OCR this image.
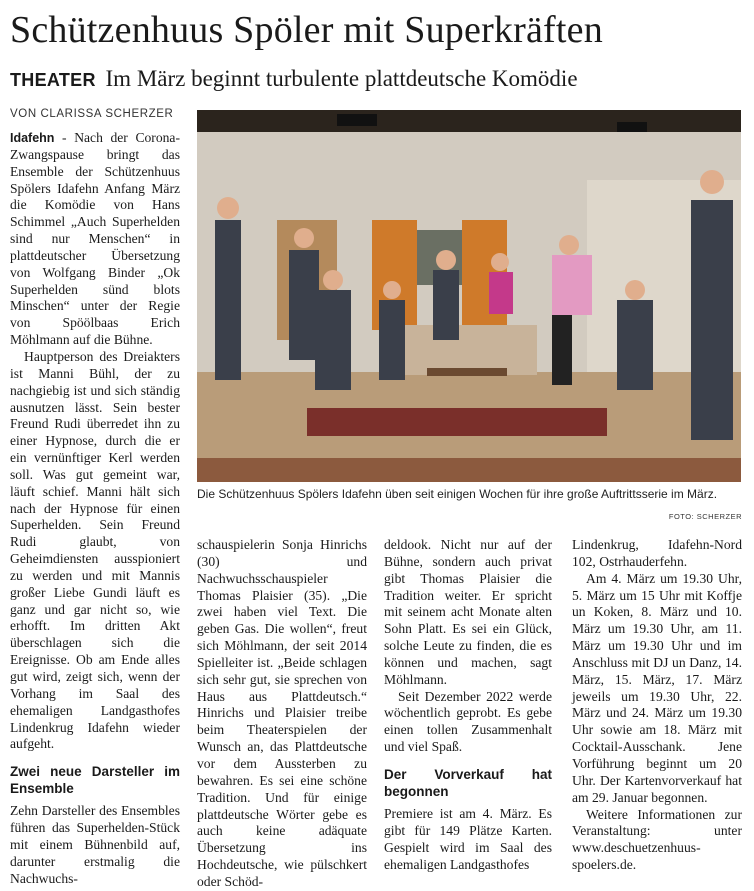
Schützenhuus Spöler mit Superkräften
THEATER Im März beginnt turbulente plattdeutsche Komödie
VON CLARISSA SCHERZER

Idafehn - Nach der Corona-Zwangspause bringt das Ensemble der Schützenhuus Spölers Idafehn Anfang März die Komödie von Hans Schimmel „Auch Superhelden sind nur Menschen“ in plattdeutscher Übersetzung von Wolfgang Binder „Ok Superhelden sünd blots Minschen“ unter der Regie von Spöölbaas Erich Möhlmann auf die Bühne.

Hauptperson des Dreiakters ist Manni Bühl, der zu nachgiebig ist und sich ständig ausnutzen lässt. Sein bester Freund Rudi überredet ihn zu einer Hypnose, durch die er ein vernünftiger Kerl werden soll. Was gut gemeint war, läuft schief. Manni hält sich nach der Hypnose für einen Superhelden. Sein Freund Rudi glaubt, von Geheimdiensten ausspioniert zu werden und mit Mannis großer Liebe Gundi läuft es ganz und gar nicht so, wie erhofft. Im dritten Akt überschlagen sich die Ereignisse. Ob am Ende alles gut wird, zeigt sich, wenn der Vorhang im Saal des ehemaligen Landgasthofes Lindenkrug Idafehn wieder aufgeht.

Zwei neue Darsteller im Ensemble

Zehn Darsteller des Ensembles führen das Superhelden-Stück mit einem Bühnenbild auf, darunter erstmalig die Nachwuchs-

Die Schützenhuus Spölers Idafehn üben seit einigen Wochen für ihre große Auftrittsserie im März.
FOTO: SCHERZER

schauspielerin Sonja Hinrichs (30) und Nachwuchsschauspieler Thomas Plaisier (35). „Die zwei haben viel Text. Die geben Gas. Die wollen“, freut sich Möhlmann, der seit 2014 Spielleiter ist. „Beide schlagen sich sehr gut, sie sprechen von Haus aus Plattdeutsch.“ Hinrichs und Plaisier treibe beim Theaterspielen der Wunsch an, das Plattdeutsche vor dem Aussterben zu bewahren. Es sei eine schöne Tradition. Und für einige plattdeutsche Wörter gebe es auch keine adäquate Übersetzung ins Hochdeutsche, wie pülschkert oder Schöd-

deldook. Nicht nur auf der Bühne, sondern auch privat gibt Thomas Plaisier die Tradition weiter. Er spricht mit seinem acht Monate alten Sohn Platt. Es sei ein Glück, solche Leute zu finden, die es können und machen, sagt Möhlmann.

Seit Dezember 2022 werde wöchentlich geprobt. Es gebe einen tollen Zusammenhalt und viel Spaß.

Der Vorverkauf hat begonnen

Premiere ist am 4. März. Es gibt für 149 Plätze Karten. Gespielt wird im Saal des ehemaligen Landgasthofes

Lindenkrug, Idafehn-Nord 102, Ostrhauderfehn.

Am 4. März um 19.30 Uhr, 5. März um 15 Uhr mit Koffje un Koken, 8. März und 10. März um 19.30 Uhr, am 11. März um 19.30 Uhr und im Anschluss mit DJ un Danz, 14. März, 15. März, 17. März jeweils um 19.30 Uhr, 22. März und 24. März um 19.30 Uhr sowie am 18. März mit Cocktail-Ausschank. Jene Vorführung beginnt um 20 Uhr. Der Kartenvorverkauf hat am 29. Januar begonnen.

Weitere Informationen zur Veranstaltung: unter www.deschuetzenhuus-spoelers.de.
